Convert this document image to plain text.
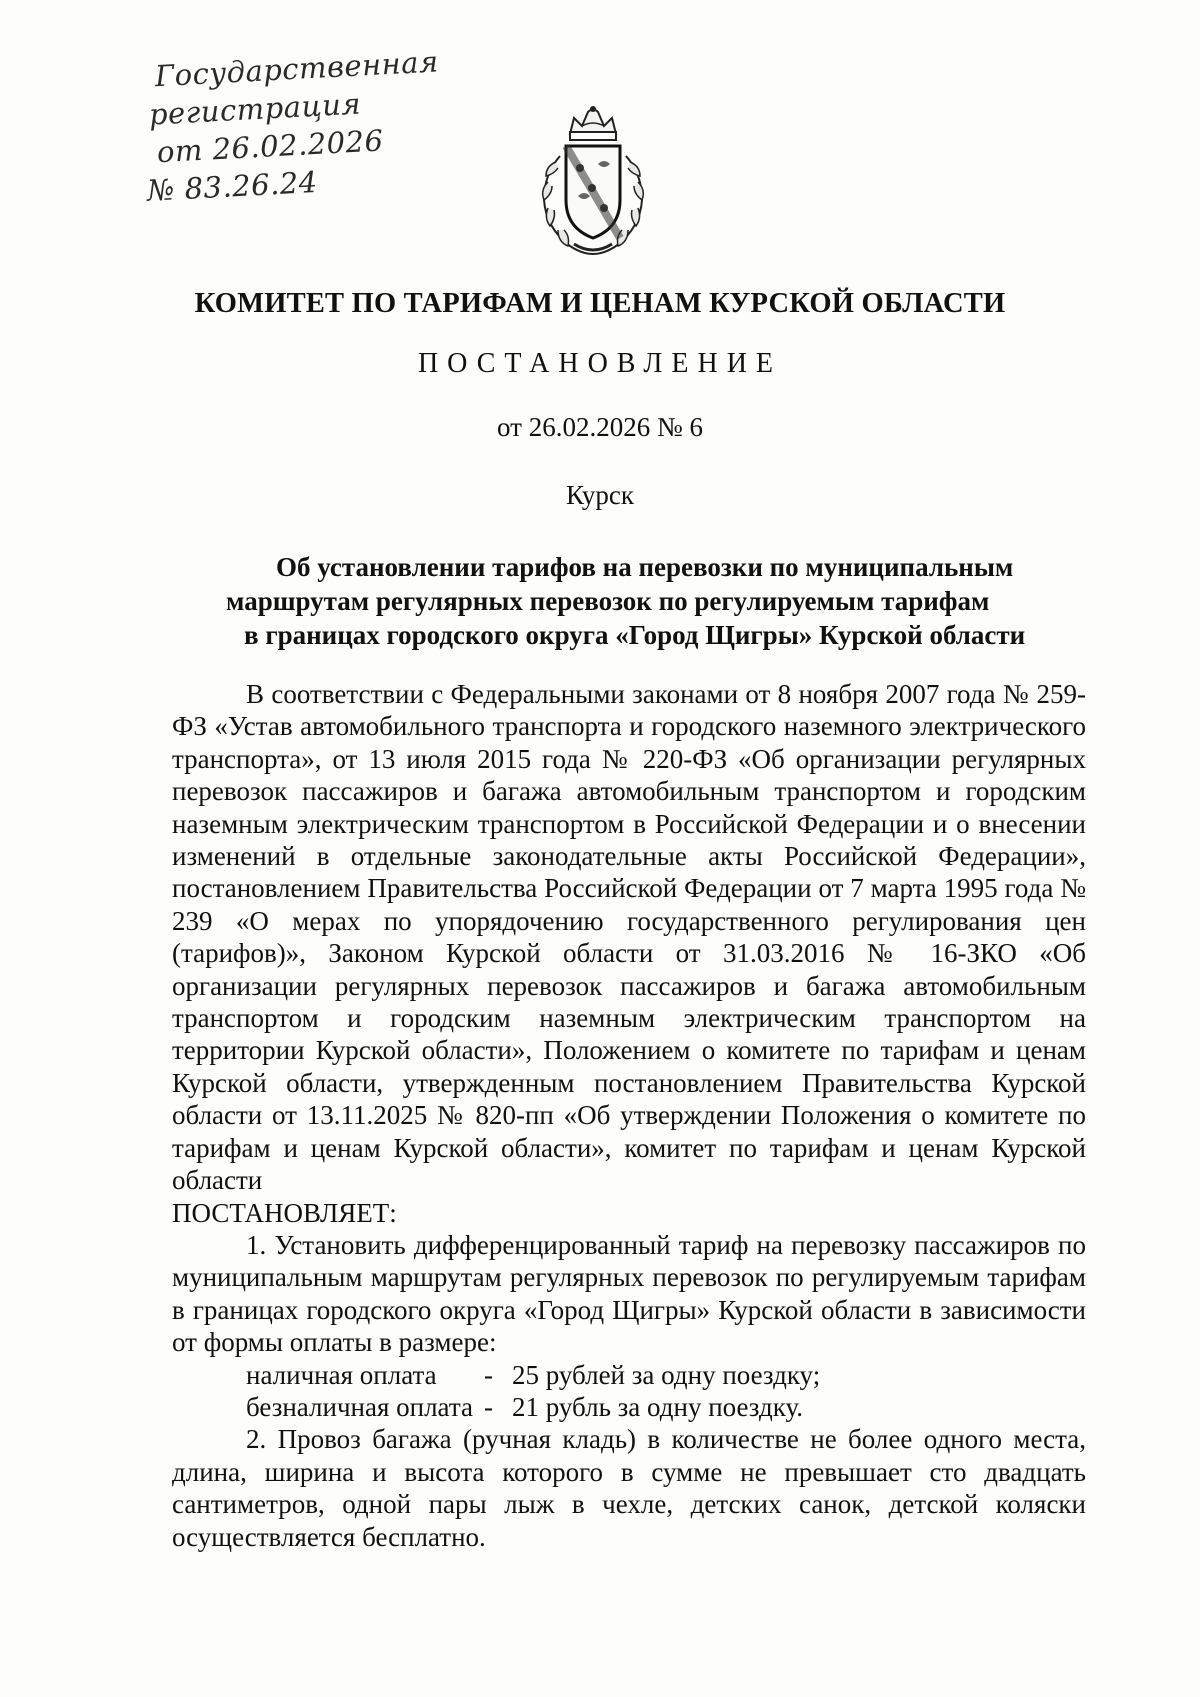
Государственная
регистрация
от 26.02.2026
№ 83.26.24
КОМИТЕТ ПО ТАРИФАМ И ЦЕНАМ КУРСКОЙ ОБЛАСТИ
ПОСТАНОВЛЕНИЕ
от 26.02.2026 № 6
Курск
Об установлении тарифов на перевозки по муниципальным
маршрутам регулярных перевозок по регулируемым тарифам
в границах городского округа «Город Щигры» Курской области

В соответствии с Федеральными законами от 8 ноября 2007 года № 259-ФЗ «Устав автомобильного транспорта и городского наземного электрического транспорта», от 13 июля 2015 года № 220-ФЗ «Об организации регулярных перевозок пассажиров и багажа автомобильным транспортом и городским наземным электрическим транспортом в Российской Федерации и о внесении изменений в отдельные законодательные акты Российской Федерации», постановлением Правительства Российской Федерации от 7 марта 1995 года № 239 «О мерах по упорядочению государственного регулирования цен (тарифов)», Законом Курской области от 31.03.2016 № 16-ЗКО «Об организации регулярных перевозок пассажиров и багажа автомобильным транспортом и городским наземным электрическим транспортом на территории Курской области», Положением о комитете по тарифам и ценам Курской области, утвержденным постановлением Правительства Курской области от 13.11.2025 № 820-пп «Об утверждении Положения о комитете по тарифам и ценам Курской области», комитет по тарифам и ценам Курской области
ПОСТАНОВЛЯЕТ:

1. Установить дифференцированный тариф на перевозку пассажиров по муниципальным маршрутам регулярных перевозок по регулируемым тарифам в границах городского округа «Город Щигры» Курской области в зависимости от формы оплаты в размере:

наличная оплата	- 25 рублей за одну поездку;
безналичная оплата - 21 рубль за одну поездку.

2. Провоз багажа (ручная кладь) в количестве не более одного места, длина, ширина и высота которого в сумме не превышает сто двадцать сантиметров, одной пары лыж в чехле, детских санок, детской коляски осуществляется бесплатно.
